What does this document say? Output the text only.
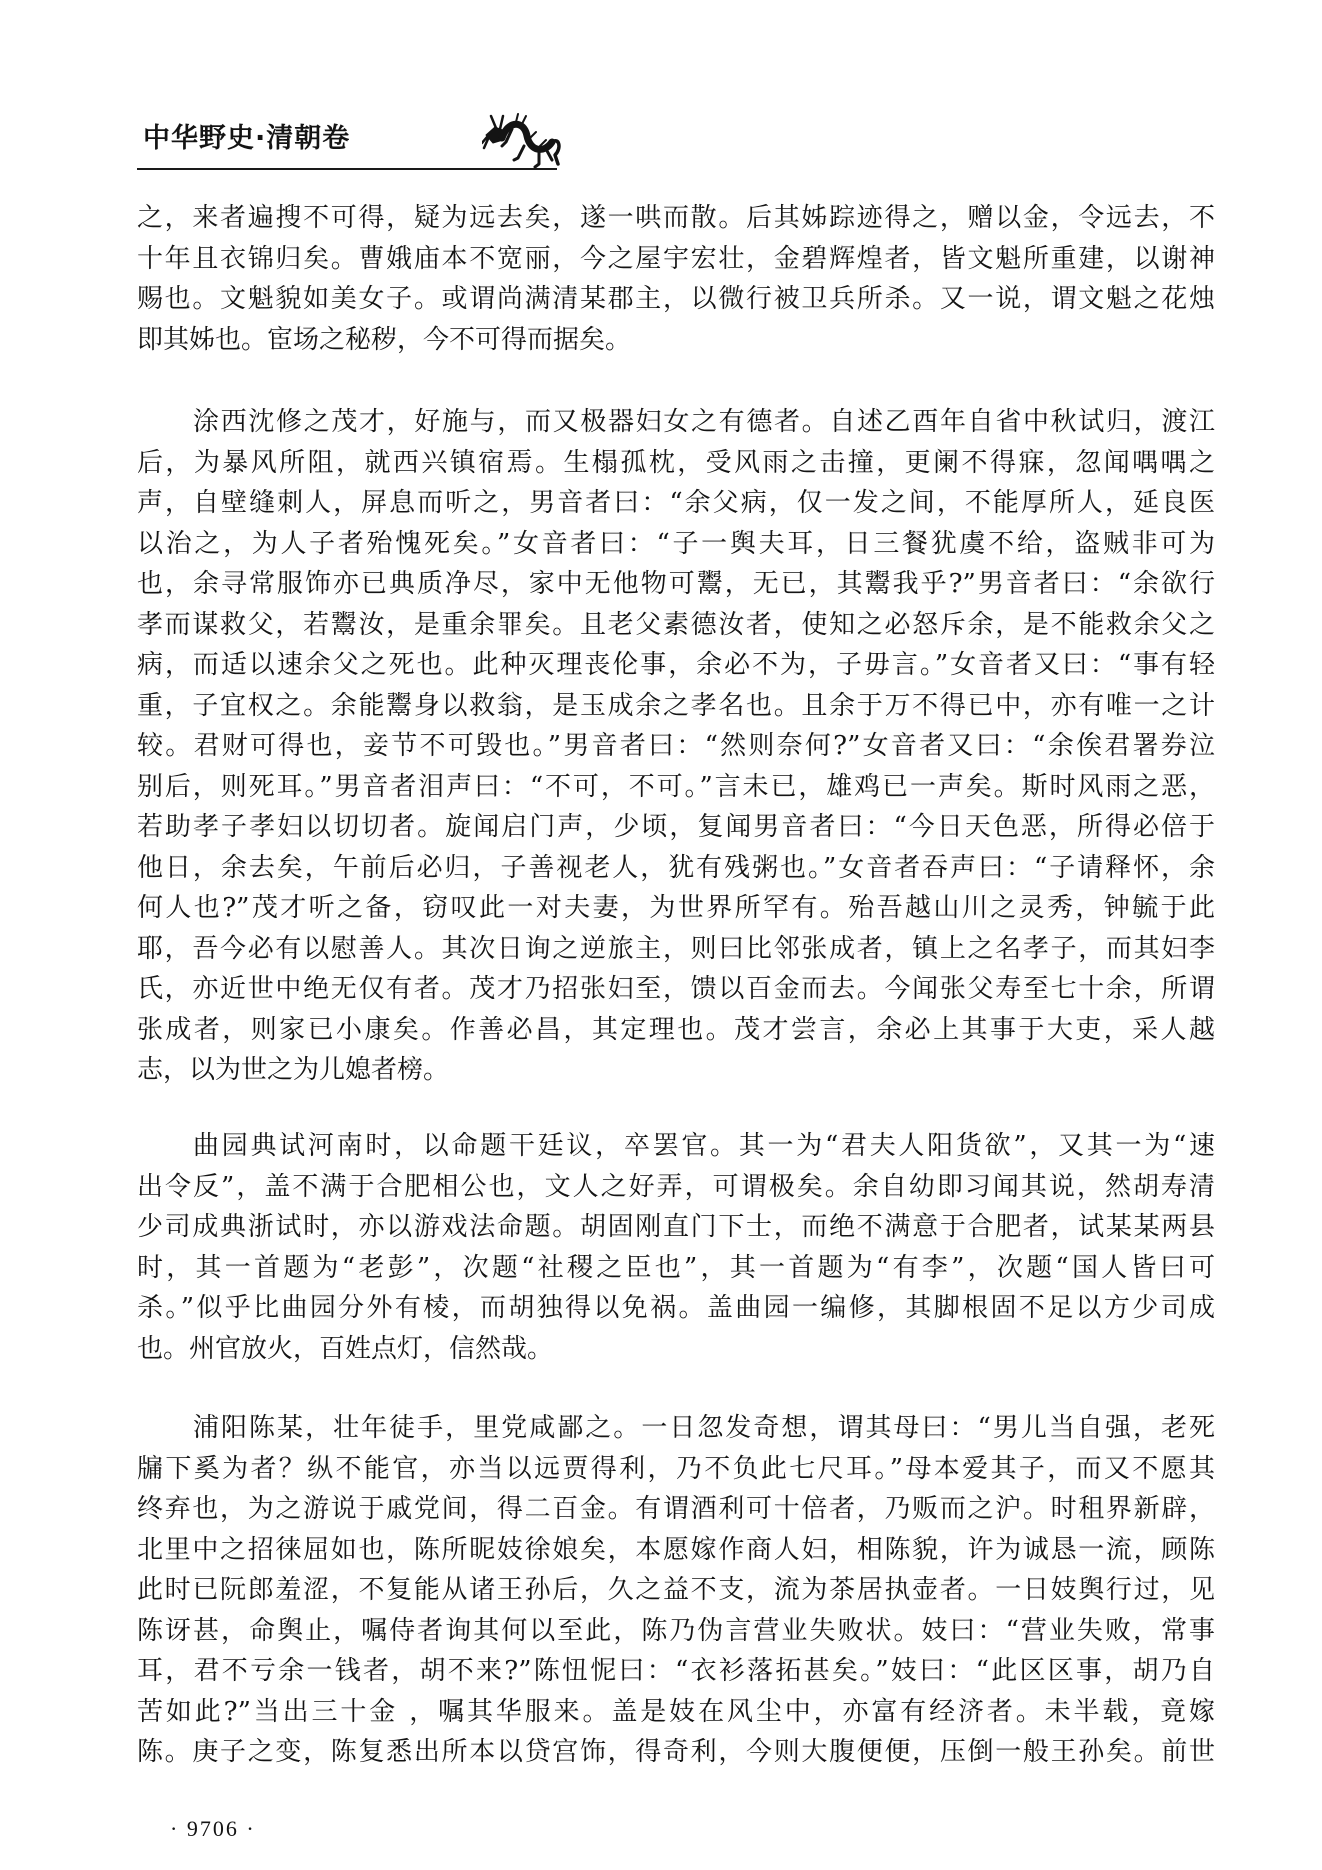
中华野史·清朝卷
之，来者遍搜不可得，疑为远去矣，遂一哄而散。后其姊踪迹得之，赠以金，令远去，不
十年且衣锦归矣。曹娥庙本不宽丽，今之屋宇宏壮，金碧辉煌者，皆文魁所重建，以谢神
赐也。文魁貌如美女子。或谓尚满清某郡主，以微行被卫兵所杀。又一说，谓文魁之花烛
即其姊也。宦场之秘秽，今不可得而据矣。
涂西沈修之茂才，好施与，而又极器妇女之有德者。自述乙酉年自省中秋试归，渡江
后，为暴风所阻，就西兴镇宿焉。生榻孤枕，受风雨之击撞，更阑不得寐，忽闻喁喁之
声，自壁缝刺人，屏息而听之，男音者曰：“余父病，仅一发之间，不能厚所人，延良医
以治之，为人子者殆愧死矣。”女音者曰：“子一舆夫耳，日三餐犹虞不给，盗贼非可为
也，余寻常服饰亦已典质净尽，家中无他物可鬻，无已，其鬻我乎?”男音者曰：“余欲行
孝而谋救父，若鬻汝，是重余罪矣。且老父素德汝者，使知之必怒斥余，是不能救余父之
病，而适以速余父之死也。此种灭理丧伦事，余必不为，子毋言。”女音者又曰：“事有轻
重，子宜权之。余能鬻身以救翁，是玉成余之孝名也。且余于万不得已中，亦有唯一之计
较。君财可得也，妾节不可毁也。”男音者曰：“然则奈何?”女音者又曰：“余俟君署券泣
别后，则死耳。”男音者泪声曰：“不可，不可。”言未已，雄鸡已一声矣。斯时风雨之恶，
若助孝子孝妇以切切者。旋闻启门声，少顷，复闻男音者曰：“今日天色恶，所得必倍于
他日，余去矣，午前后必归，子善视老人，犹有残粥也。”女音者吞声曰：“子请释怀，余
何人也?”茂才听之备，窃叹此一对夫妻，为世界所罕有。殆吾越山川之灵秀，钟毓于此
耶，吾今必有以慰善人。其次日询之逆旅主，则曰比邻张成者，镇上之名孝子，而其妇李
氏，亦近世中绝无仅有者。茂才乃招张妇至，馈以百金而去。今闻张父寿至七十余，所谓
张成者，则家已小康矣。作善必昌，其定理也。茂才尝言，余必上其事于大吏，采人越
志，以为世之为儿媳者榜。
曲园典试河南时，以命题干廷议，卒罢官。其一为“君夫人阳货欲”，又其一为“速
出令反”，盖不满于合肥相公也，文人之好弄，可谓极矣。余自幼即习闻其说，然胡寿清
少司成典浙试时，亦以游戏法命题。胡固刚直门下士，而绝不满意于合肥者，试某某两县
时，其一首题为“老彭”，次题“社稷之臣也”，其一首题为“有李”，次题“国人皆曰可
杀。”似乎比曲园分外有棱，而胡独得以免祸。盖曲园一编修，其脚根固不足以方少司成
也。州官放火，百姓点灯，信然哉。
浦阳陈某，壮年徒手，里党咸鄙之。一日忽发奇想，谓其母曰：“男儿当自强，老死
牖下奚为者？纵不能官，亦当以远贾得利，乃不负此七尺耳。”母本爱其子，而又不愿其
终弃也，为之游说于戚党间，得二百金。有谓酒利可十倍者，乃贩而之沪。时租界新辟，
北里中之招徕屈如也，陈所昵妓徐娘矣，本愿嫁作商人妇，相陈貌，许为诚恳一流，顾陈
此时已阮郎羞涩，不复能从诸王孙后，久之益不支，流为茶居执壶者。一日妓舆行过，见
陈讶甚，命舆止，嘱侍者询其何以至此，陈乃伪言营业失败状。妓曰：“营业失败，常事
耳，君不亏余一钱者，胡不来?”陈忸怩曰：“衣衫落拓甚矣。”妓曰：“此区区事，胡乃自
苦如此?”当出三十金 ，嘱其华服来。盖是妓在风尘中，亦富有经济者。未半载，竟嫁
陈。庚子之变，陈复悉出所本以贷宫饰，得奇利，今则大腹便便，压倒一般王孙矣。前世
· 9706 ·
